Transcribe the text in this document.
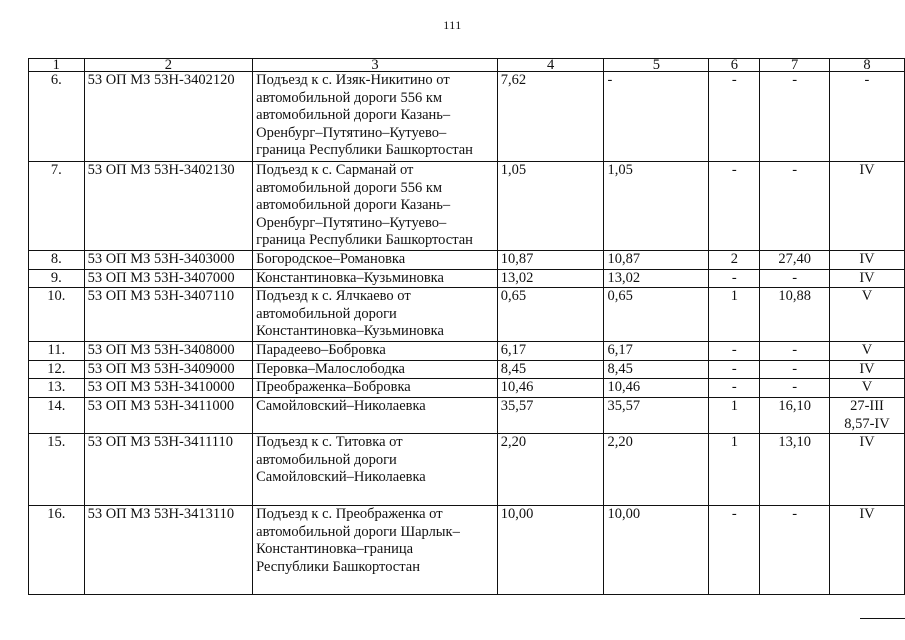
111
1	2	3	4	5	6	7	8
6.	53 ОП МЗ 53Н-3402120	Подъезд к с. Изяк-Никитино от
автомобильной дороги 556 км
автомобильной дороги Казань–
Оренбург–Путятино–Кутуево–
граница Республики Башкортостан	7,62	-	-	-	-

7.	53 ОП МЗ 53Н-3402130	Подъезд к с. Сарманай от
автомобильной дороги 556 км
автомобильной дороги Казань–
Оренбург–Путятино–Кутуево–
граница Республики Башкортостан	1,05	1,05	-	-	IV

8.	53 ОП МЗ 53Н-3403000	Богородское–Романовка	10,87	10,87	2	27,40	IV

9.	53 ОП МЗ 53Н-3407000	Константиновка–Кузьминовка	13,02	13,02	-	-	IV

10.	53 ОП МЗ 53Н-3407110	Подъезд к с. Ялчкаево от
автомобильной дороги
Константиновка–Кузьминовка	0,65	0,65	1	10,88	V

11.	53 ОП МЗ 53Н-3408000	Парадеево–Бобровка	6,17	6,17	-	-	V

12.	53 ОП МЗ 53Н-3409000	Перовка–Малослободка	8,45	8,45	-	-	IV

13.	53 ОП МЗ 53Н-3410000	Преображенка–Бобровка	10,46	10,46	-	-	V

14.	53 ОП МЗ 53Н-3411000	Самойловский–Николаевка	35,57	35,57	1	16,10	27-III
8,57-IV

15.	53 ОП МЗ 53Н-3411110	Подъезд к с. Титовка от
автомобильной дороги
Самойловский–Николаевка	2,20	2,20	1	13,10	IV

16.	53 ОП МЗ 53Н-3413110	Подъезд к с. Преображенка от
автомобильной дороги Шарлык–
Константиновка–граница
Республики Башкортостан	10,00	10,00	-	-	IV
